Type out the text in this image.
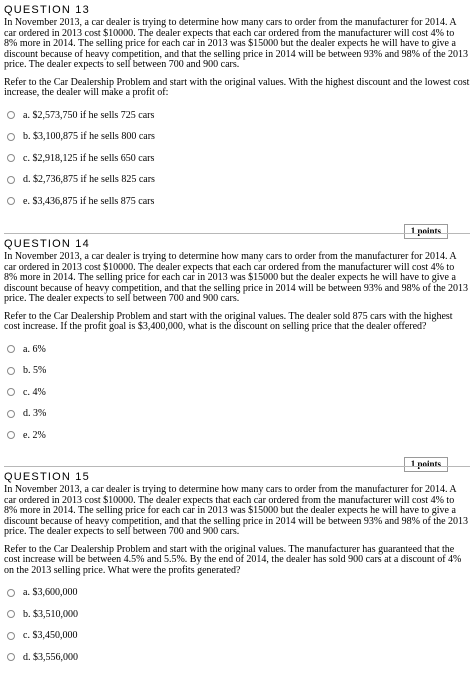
QUESTION 13

In November 2013, a car dealer is trying to determine how many cars to order from the manufacturer for 2014. A car ordered in 2013 cost $10000. The dealer expects that each car ordered from the manufacturer will cost 4% to 8% more in 2014. The selling price for each car in 2013 was $15000 but the dealer expects he will have to give a discount because of heavy competition, and that the selling price in 2014 will be between 93% and 98% of the 2013 price. The dealer expects to sell between 700 and 900 cars.

Refer to the Car Dealership Problem and start with the original values. With the highest discount and the lowest cost increase, the dealer will make a profit of:

a. $2,573,750 if he sells 725 cars
b. $3,100,875 if he sells 800 cars
c. $2,918,125 if he sells 650 cars
d. $2,736,875 if he sells 825 cars
e. $3,436,875 if he sells 875 cars
1 points
QUESTION 14

In November 2013, a car dealer is trying to determine how many cars to order from the manufacturer for 2014. A car ordered in 2013 cost $10000. The dealer expects that each car ordered from the manufacturer will cost 4% to 8% more in 2014. The selling price for each car in 2013 was $15000 but the dealer expects he will have to give a discount because of heavy competition, and that the selling price in 2014 will be between 93% and 98% of the 2013 price. The dealer expects to sell between 700 and 900 cars.

Refer to the Car Dealership Problem and start with the original values. The dealer sold 875 cars with the highest cost increase. If the profit goal is $3,400,000, what is the discount on selling price that the dealer offered?

a. 6%
b. 5%
c. 4%
d. 3%
e. 2%
1 points
QUESTION 15

In November 2013, a car dealer is trying to determine how many cars to order from the manufacturer for 2014. A car ordered in 2013 cost $10000. The dealer expects that each car ordered from the manufacturer will cost 4% to 8% more in 2014. The selling price for each car in 2013 was $15000 but the dealer expects he will have to give a discount because of heavy competition, and that the selling price in 2014 will be between 93% and 98% of the 2013 price. The dealer expects to sell between 700 and 900 cars.

Refer to the Car Dealership Problem and start with the original values. The manufacturer has guaranteed that the cost increase will be between 4.5% and 5.5%. By the end of 2014, the dealer has sold 900 cars at a discount of 4% on the 2013 selling price. What were the profits generated?

a. $3,600,000
b. $3,510,000
c. $3,450,000
d. $3,556,000
